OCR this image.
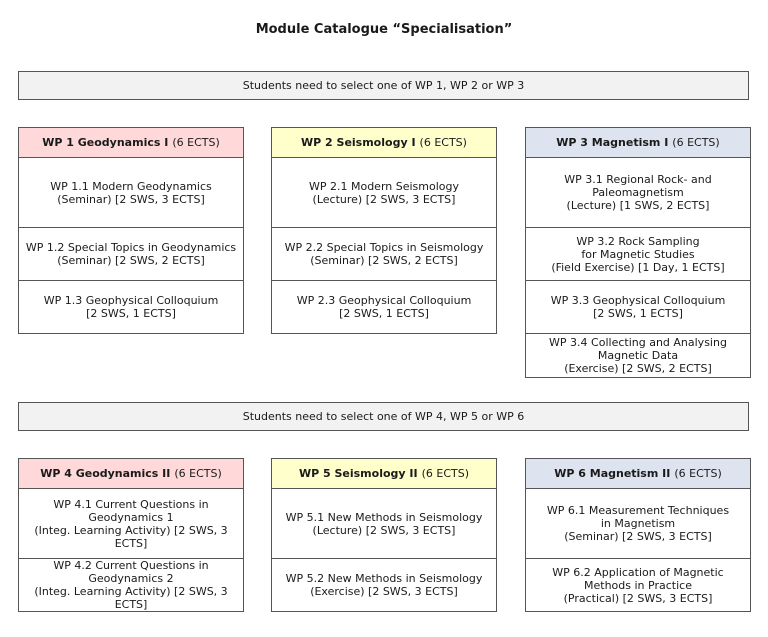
Module Catalogue “Specialisation”
Students need to select one of WP 1, WP 2 or WP 3
WP 1 Geodynamics I (6 ECTS)
WP 1.1 Modern Geodynamics
(Seminar) [2 SWS, 3 ECTS]
WP 1.2 Special Topics in Geodynamics
(Seminar) [2 SWS, 2 ECTS]
WP 1.3 Geophysical Colloquium
[2 SWS, 1 ECTS]
WP 2 Seismology I (6 ECTS)
WP 2.1 Modern Seismology
(Lecture) [2 SWS, 3 ECTS]
WP 2.2 Special Topics in Seismology
(Seminar) [2 SWS, 2 ECTS]
WP 2.3 Geophysical Colloquium
[2 SWS, 1 ECTS]
WP 3 Magnetism I (6 ECTS)
WP 3.1 Regional Rock- and Paleomagnetism
(Lecture) [1 SWS, 2 ECTS]
WP 3.2 Rock Sampling
for Magnetic Studies
(Field Exercise) [1 Day, 1 ECTS]
WP 3.3 Geophysical Colloquium
[2 SWS, 1 ECTS]
WP 3.4 Collecting and Analysing
Magnetic Data
(Exercise) [2 SWS, 2 ECTS]
Students need to select one of WP 4, WP 5 or WP 6
WP 4 Geodynamics II (6 ECTS)
WP 4.1 Current Questions in Geodynamics 1
(Integ. Learning Activity) [2 SWS, 3 ECTS]
WP 4.2 Current Questions in Geodynamics 2
(Integ. Learning Activity) [2 SWS, 3 ECTS]
WP 5 Seismology II (6 ECTS)
WP 5.1 New Methods in Seismology
(Lecture) [2 SWS, 3 ECTS]
WP 5.2 New Methods in Seismology
(Exercise) [2 SWS, 3 ECTS]
WP 6 Magnetism II (6 ECTS)
WP 6.1 Measurement Techniques
in Magnetism
(Seminar) [2 SWS, 3 ECTS]
WP 6.2 Application of Magnetic
Methods in Practice
(Practical) [2 SWS, 3 ECTS]
